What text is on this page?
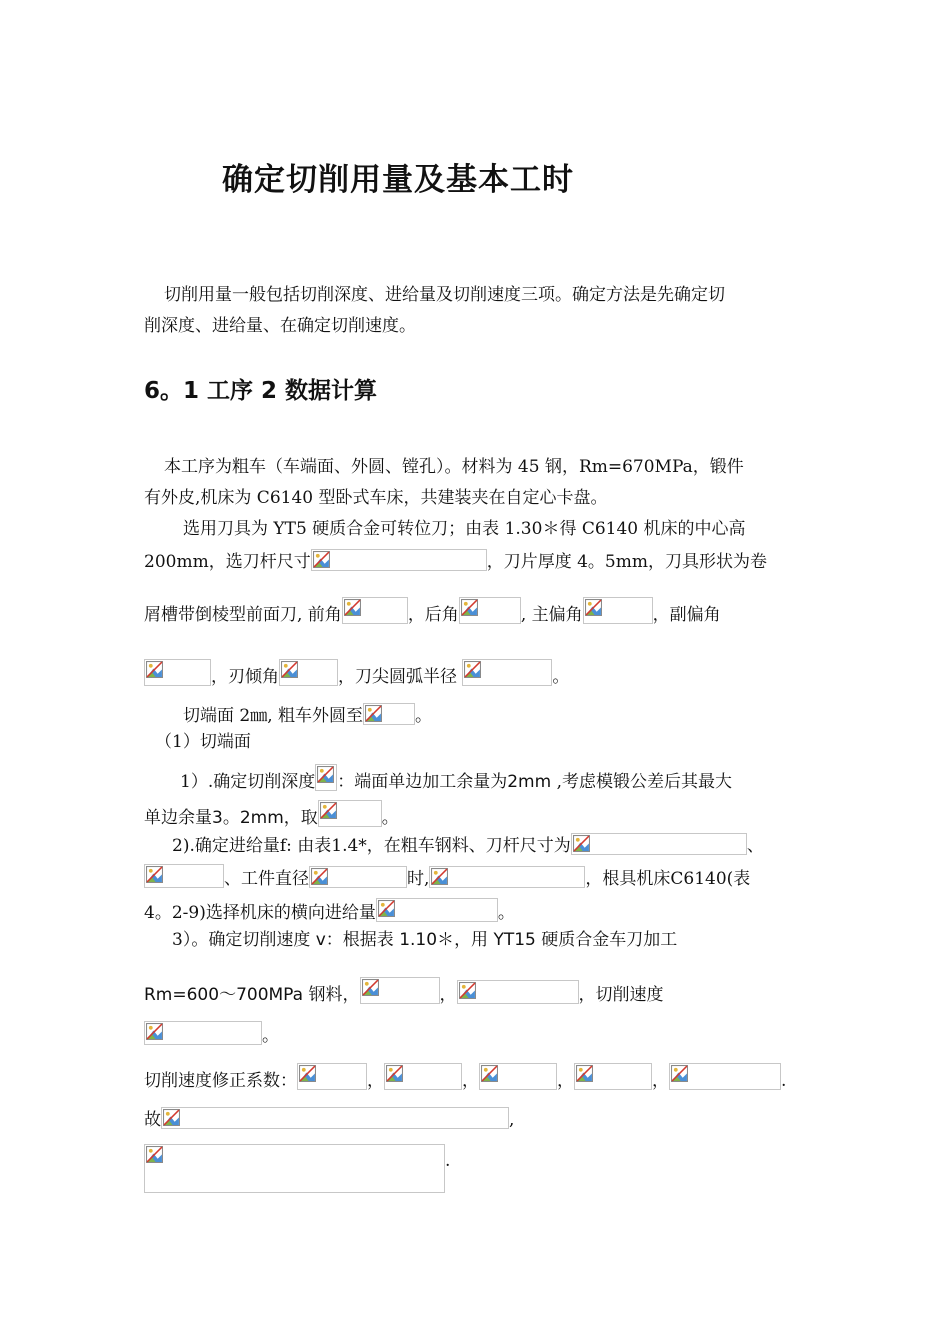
确定切削用量及基本工时
切削用量一般包括切削深度、进给量及切削速度三项。确定方法是先确定切
削深度、进给量、在确定切削速度。
6。1 工序 2 数据计算
本工序为粗车（车端面、外圆、镗孔）。材料为 45 钢，Rm=670MPa，锻件
有外皮,机床为 C6140 型卧式车床，共建装夹在自定心卡盘。
选用刀具为 YT5 硬质合金可转位刀；由表 1.30＊得 C6140 机床的中心高
200mm，选刀杆尺寸	，刀片厚度 4。5mm，刀具形状为卷
屑槽带倒棱型前面刀, 前角	，后角	, 主偏角	，副偏角
，刃倾角	，刀尖圆弧半径	。
切端面 2㎜, 粗车外圆至	。
（1）切端面
1）.确定切削深度 ：端面单边加工余量为2mm ,考虑模锻公差后其最大
单边余量3。2mm，取	。
2).确定进给量f: 由表1.4*，在粗车钢料、刀杆尺寸为	、
、工件直径	时,	，根具机床C6140(表
4。2-9)选择机床的横向进给量	。
3）。确定切削速度 v：根据表 1.10＊，用 YT15 硬质合金车刀加工
Rm=600～700MPa 钢料，	，	，切削速度
。
切削速度修正系数：	，	，	，	，	.
故	,
.
